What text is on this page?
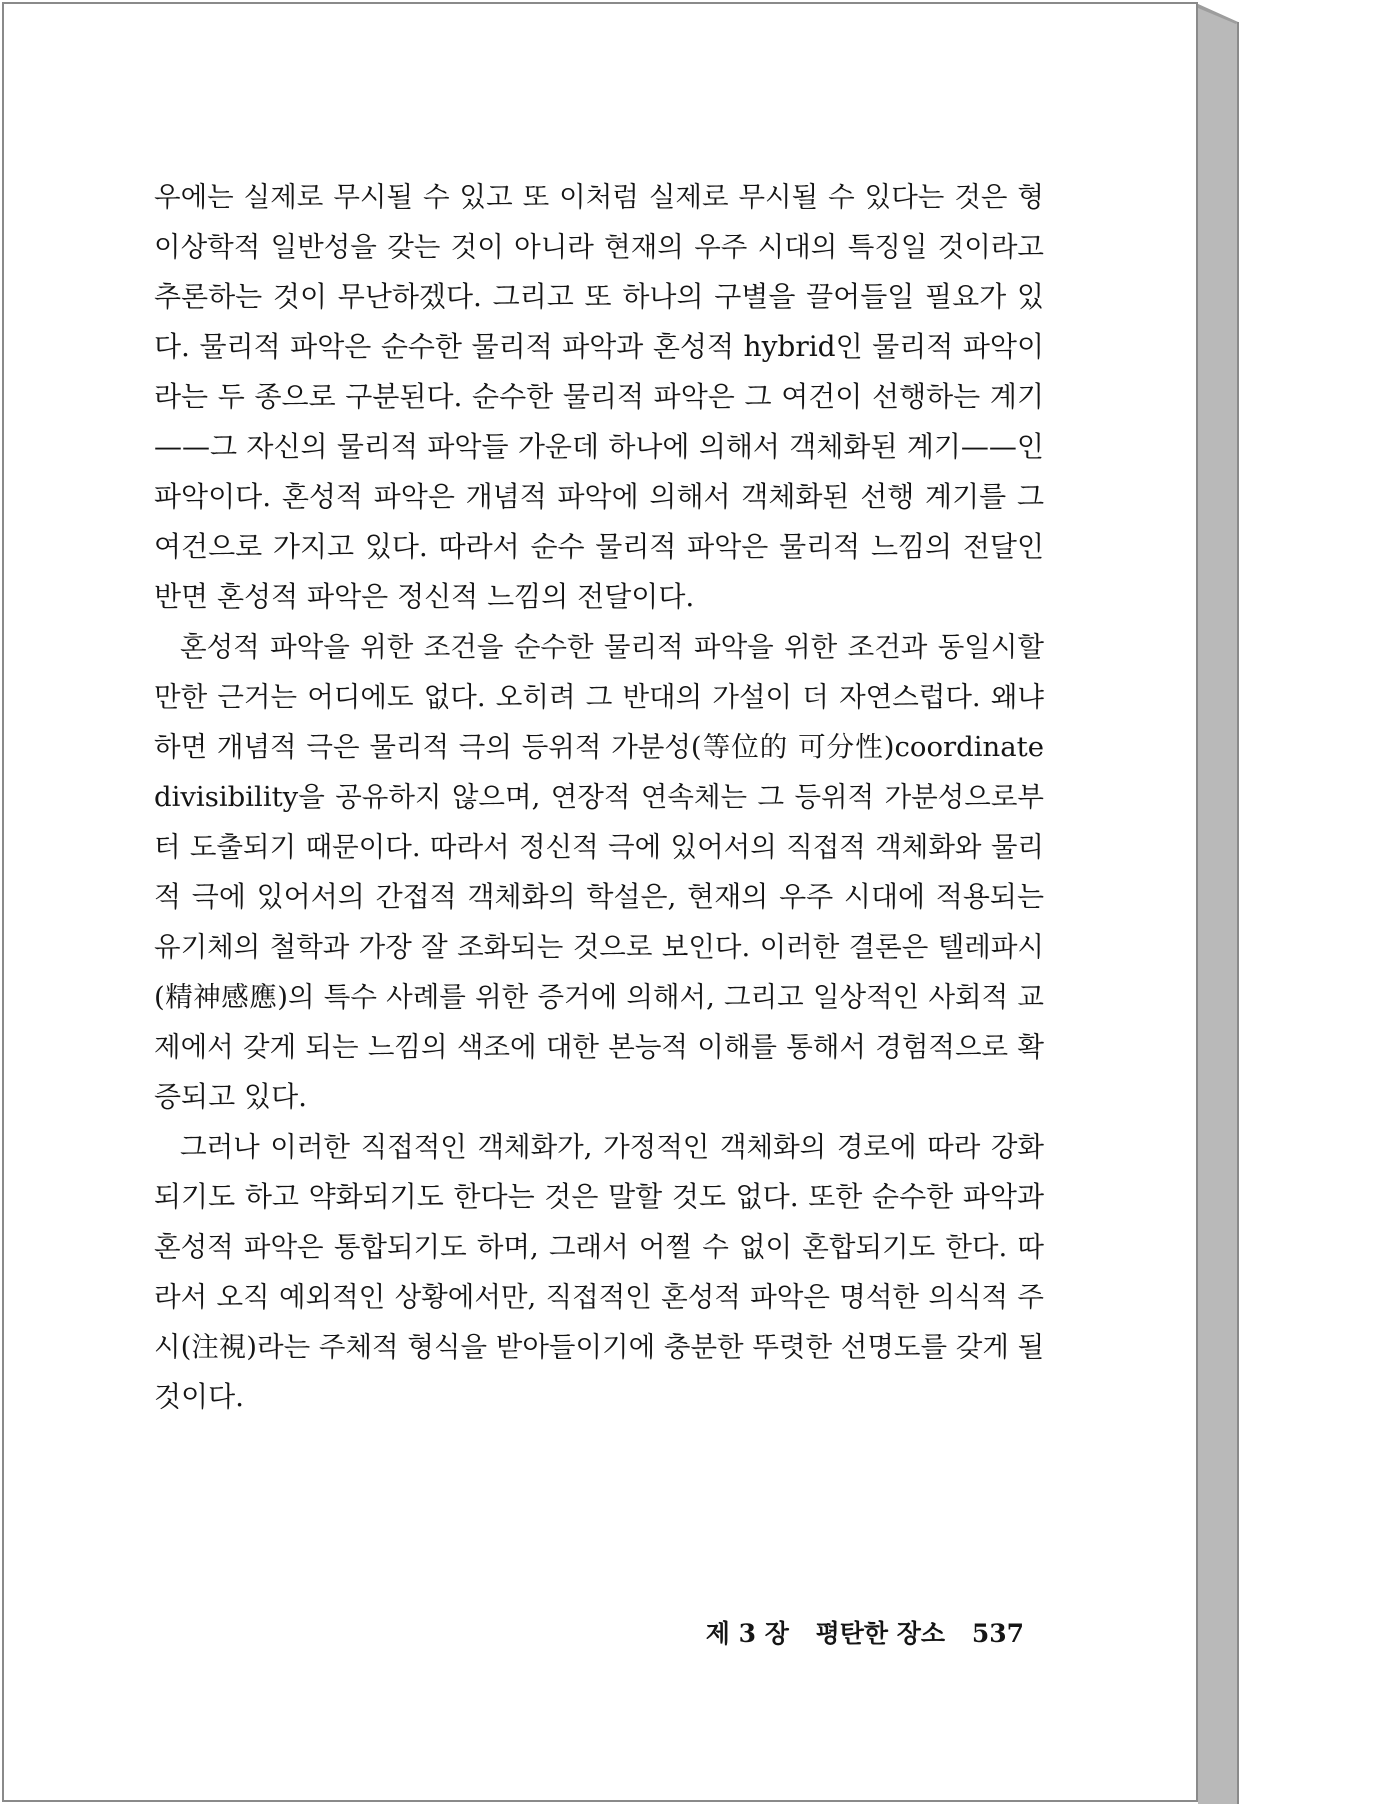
우에는 실제로 무시될 수 있고 또 이처럼 실제로 무시될 수 있다는 것은 형
이상학적 일반성을 갖는 것이 아니라 현재의 우주 시대의 특징일 것이라고
추론하는 것이 무난하겠다. 그리고 또 하나의 구별을 끌어들일 필요가 있
다. 물리적 파악은 순수한 물리적 파악과 혼성적 hybrid인 물리적 파악이
라는 두 종으로 구분된다. 순수한 물리적 파악은 그 여건이 선행하는 계기
——그 자신의 물리적 파악들 가운데 하나에 의해서 객체화된 계기——인
파악이다. 혼성적 파악은 개념적 파악에 의해서 객체화된 선행 계기를 그
여건으로 가지고 있다. 따라서 순수 물리적 파악은 물리적 느낌의 전달인
반면 혼성적 파악은 정신적 느낌의 전달이다.
혼성적 파악을 위한 조건을 순수한 물리적 파악을 위한 조건과 동일시할
만한 근거는 어디에도 없다. 오히려 그 반대의 가설이 더 자연스럽다. 왜냐
하면 개념적 극은 물리적 극의 등위적 가분성(等位的 可分性)coordinate
divisibility을 공유하지 않으며, 연장적 연속체는 그 등위적 가분성으로부
터 도출되기 때문이다. 따라서 정신적 극에 있어서의 직접적 객체화와 물리
적 극에 있어서의 간접적 객체화의 학설은, 현재의 우주 시대에 적용되는
유기체의 철학과 가장 잘 조화되는 것으로 보인다. 이러한 결론은 텔레파시
(精神感應)의 특수 사례를 위한 증거에 의해서, 그리고 일상적인 사회적 교
제에서 갖게 되는 느낌의 색조에 대한 본능적 이해를 통해서 경험적으로 확
증되고 있다.
그러나 이러한 직접적인 객체화가, 가정적인 객체화의 경로에 따라 강화
되기도 하고 약화되기도 한다는 것은 말할 것도 없다. 또한 순수한 파악과
혼성적 파악은 통합되기도 하며, 그래서 어쩔 수 없이 혼합되기도 한다. 따
라서 오직 예외적인 상황에서만, 직접적인 혼성적 파악은 명석한 의식적 주
시(注視)라는 주체적 형식을 받아들이기에 충분한 뚜렷한 선명도를 갖게 될
것이다.
제 3 장 평탄한 장소 537
